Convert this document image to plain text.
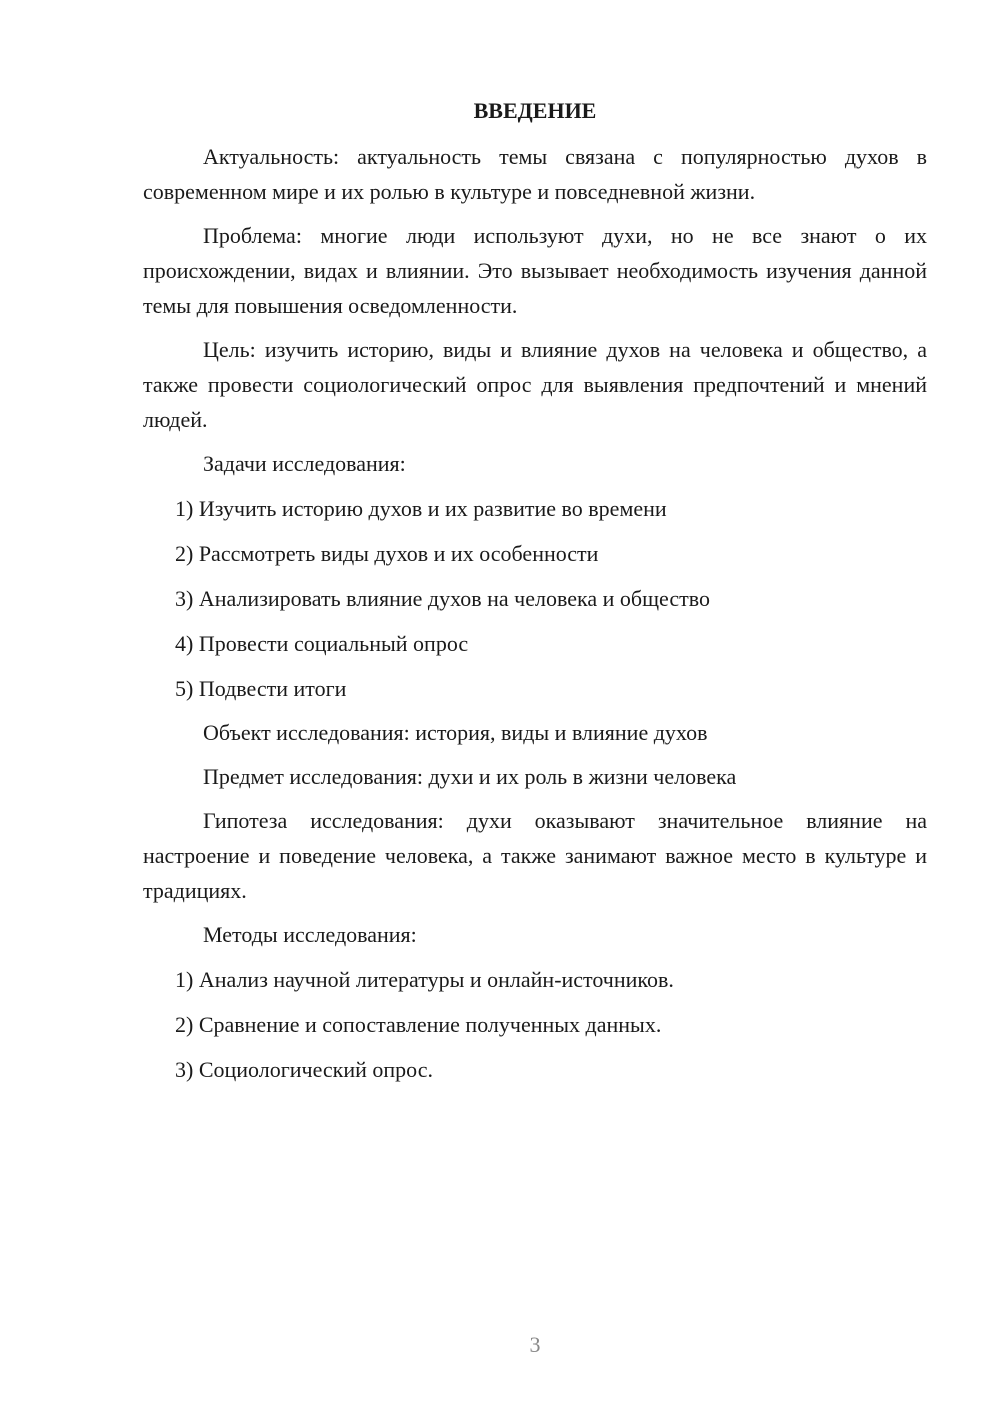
ВВЕДЕНИЕ

Актуальность: актуальность темы связана с популярностью духов в современном мире и их ролью в культуре и повседневной жизни.

Проблема: многие люди используют духи, но не все знают о их происхождении, видах и влиянии. Это вызывает необходимость изучения данной темы для повышения осведомленности.

Цель: изучить историю, виды и влияние духов на человека и общество, а также провести социологический опрос для выявления предпочтений и мнений людей.

Задачи исследования:

1) Изучить историю духов и их развитие во времени

2) Рассмотреть виды духов и их особенности

3) Анализировать влияние духов на человека и общество

4) Провести социальный опрос

5) Подвести итоги

Объект исследования: история, виды и влияние духов

Предмет исследования: духи и их роль в жизни человека

Гипотеза исследования: духи оказывают значительное влияние на настроение и поведение человека, а также занимают важное место в культуре и традициях.

Методы исследования:

1) Анализ научной литературы и онлайн-источников.

2) Сравнение и сопоставление полученных данных.

3) Социологический опрос.

3
